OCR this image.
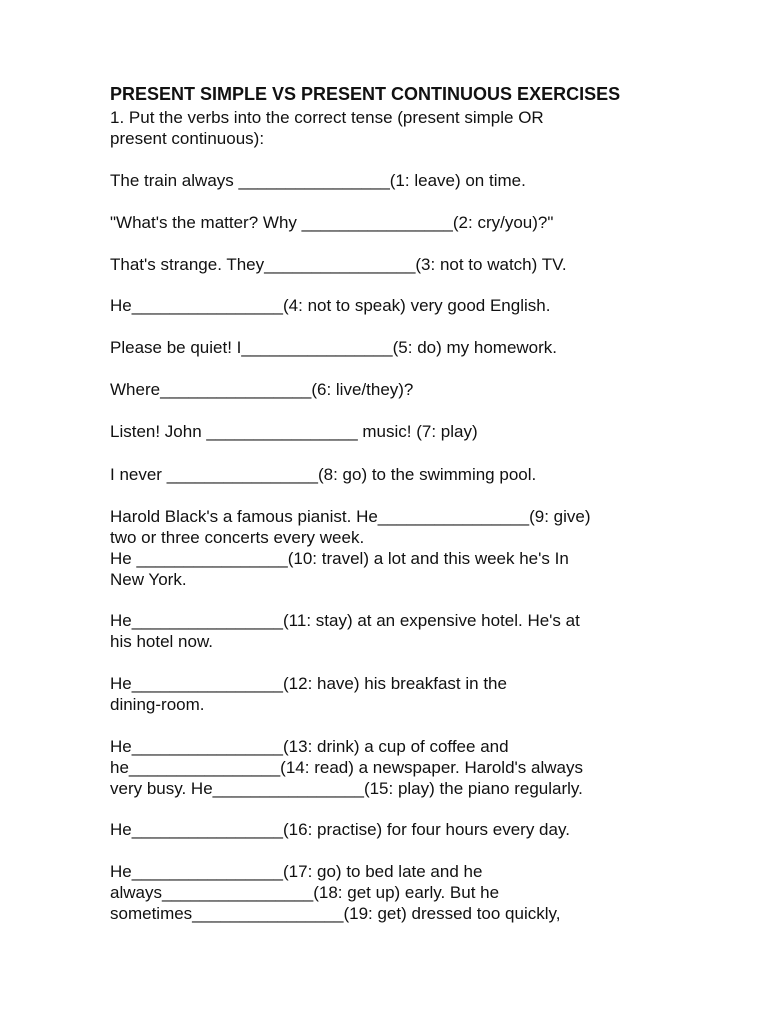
PRESENT SIMPLE VS PRESENT CONTINUOUS EXERCISES

1. Put the verbs into the correct tense (present simple OR

present continuous):

The train always ________________(1: leave) on time.

"What's the matter? Why ________________(2: cry/you)?"

That's strange. They________________(3: not to watch) TV.

He________________(4: not to speak) very good English.

Please be quiet! I________________(5: do) my homework.

Where________________(6: live/they)?

Listen! John ________________ music! (7: play)

I never ________________(8: go) to the swimming pool.

Harold Black's a famous pianist. He________________(9: give)

two or three concerts every week.

He ________________(10: travel) a lot and this week he's In

New York.

He________________(11: stay) at an expensive hotel. He's at

his hotel now.

He________________(12: have) his breakfast in the

dining-room.

He________________(13: drink) a cup of coffee and

he________________(14: read) a newspaper. Harold's always

very busy. He________________(15: play) the piano regularly.

He________________(16: practise) for four hours every day.

He________________(17: go) to bed late and he

always________________(18: get up) early. But he

sometimes________________(19: get) dressed too quickly,
